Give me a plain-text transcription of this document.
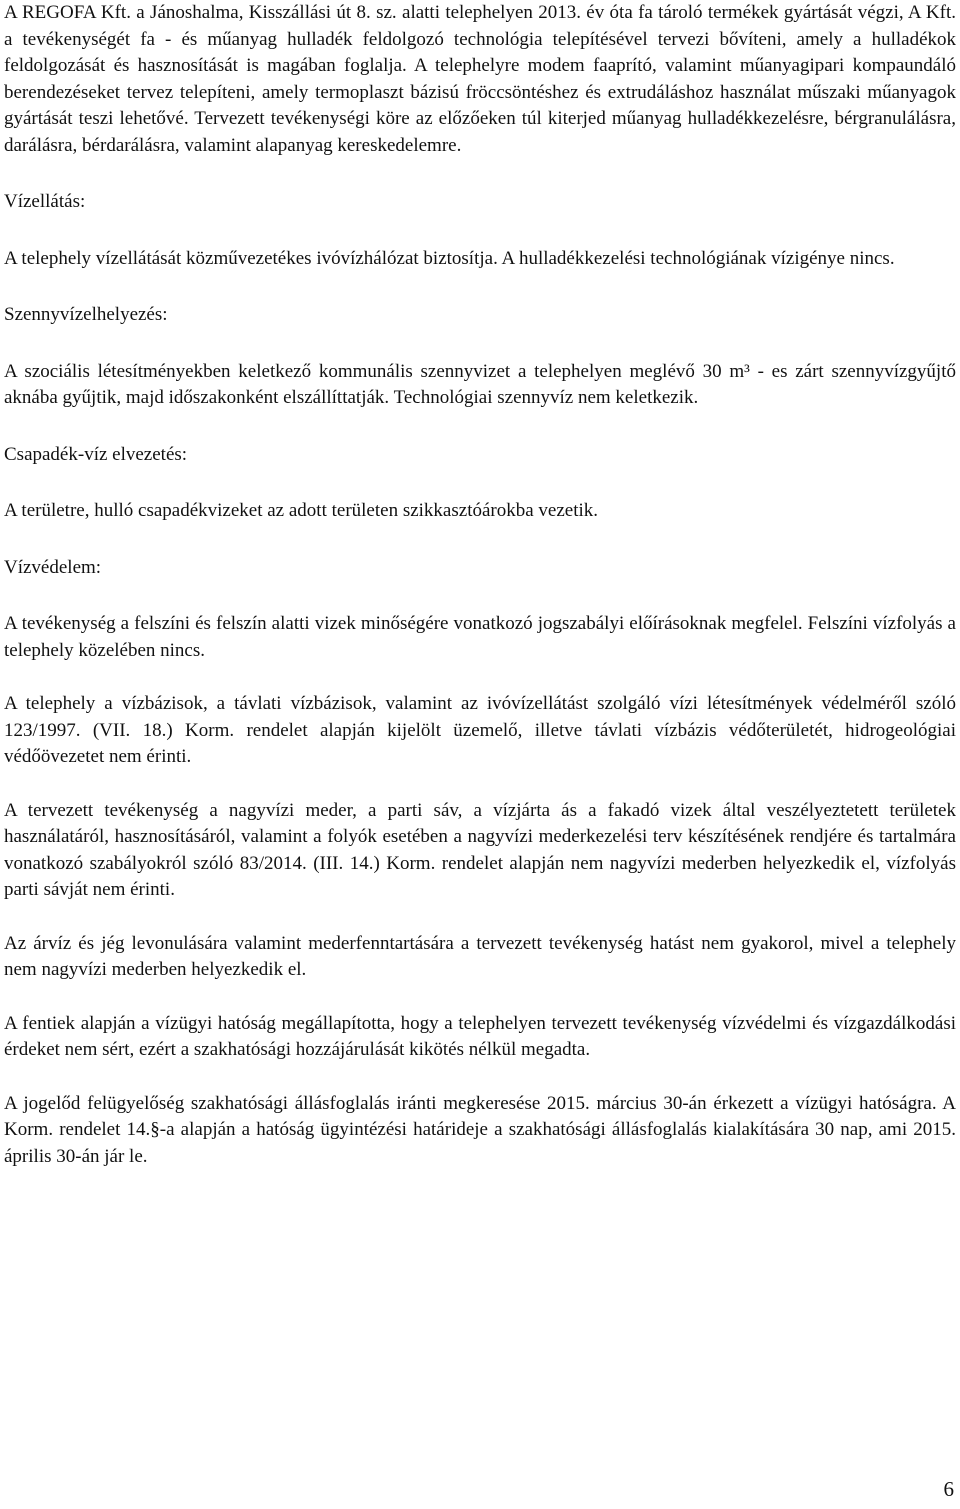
A REGOFA Kft. a Jánoshalma, Kisszállási út 8. sz. alatti telephelyen 2013. év óta fa tároló termékek gyártását végzi, A Kft. a tevékenységét fa - és műanyag hulladék feldolgozó technológia telepítésével tervezi bővíteni, amely a hulladékok feldolgozását és hasznosítását is magában foglalja. A telephelyre modem faaprító, valamint műanyagipari kompaundáló berendezéseket tervez telepíteni, amely termoplaszt bázisú fröccsöntéshez és extrudáláshoz használat műszaki műanyagok gyártását teszi lehetővé. Tervezett tevékenységi köre az előzőeken túl kiterjed műanyag hulladékkezelésre, bérgranulálásra, darálásra, bérdarálásra, valamint alapanyag kereskedelemre.

Vízellátás:

A telephely vízellátását közművezetékes ivóvízhálózat biztosítja. A hulladékkezelési technológiának vízigénye nincs.

Szennyvízelhelyezés:

A szociális létesítményekben keletkező kommunális szennyvizet a telephelyen meglévő 30 m³ - es zárt szennyvízgyűjtő aknába gyűjtik, majd időszakonként elszállíttatják. Technológiai szennyvíz nem keletkezik.

Csapadék-víz elvezetés:

A területre, hulló csapadékvizeket az adott területen szikkasztóárokba vezetik.

Vízvédelem:

A tevékenység a felszíni és felszín alatti vizek minőségére vonatkozó jogszabályi előírásoknak megfelel. Felszíni vízfolyás a telephely közelében nincs.

A telephely a vízbázisok, a távlati vízbázisok, valamint az ivóvízellátást szolgáló vízi létesítmények védelméről szóló 123/1997. (VII. 18.) Korm. rendelet alapján kijelölt üzemelő, illetve távlati vízbázis védőterületét, hidrogeológiai védőövezetet nem érinti.

A tervezett tevékenység a nagyvízi meder, a parti sáv, a vízjárta ás a fakadó vizek által veszélyeztetett területek használatáról, hasznosításáról, valamint a folyók esetében a nagyvízi mederkezelési terv készítésének rendjére és tartalmára vonatkozó szabályokról szóló 83/2014. (III. 14.) Korm. rendelet alapján nem nagyvízi mederben helyezkedik el, vízfolyás parti sávját nem érinti.

Az árvíz és jég levonulására valamint mederfenntartására a tervezett tevékenység hatást nem gyakorol, mivel a telephely nem nagyvízi mederben helyezkedik el.

A fentiek alapján a vízügyi hatóság megállapította, hogy a telephelyen tervezett tevékenység vízvédelmi és vízgazdálkodási érdeket nem sért, ezért a szakhatósági hozzájárulását kikötés nélkül megadta.

A jogelőd felügyelőség szakhatósági állásfoglalás iránti megkeresése 2015. március 30-án érkezett a vízügyi hatóságra. A Korm. rendelet 14.§-a alapján a hatóság ügyintézési határideje a szakhatósági állásfoglalás kialakítására 30 nap, ami 2015. április 30-án jár le.

6
